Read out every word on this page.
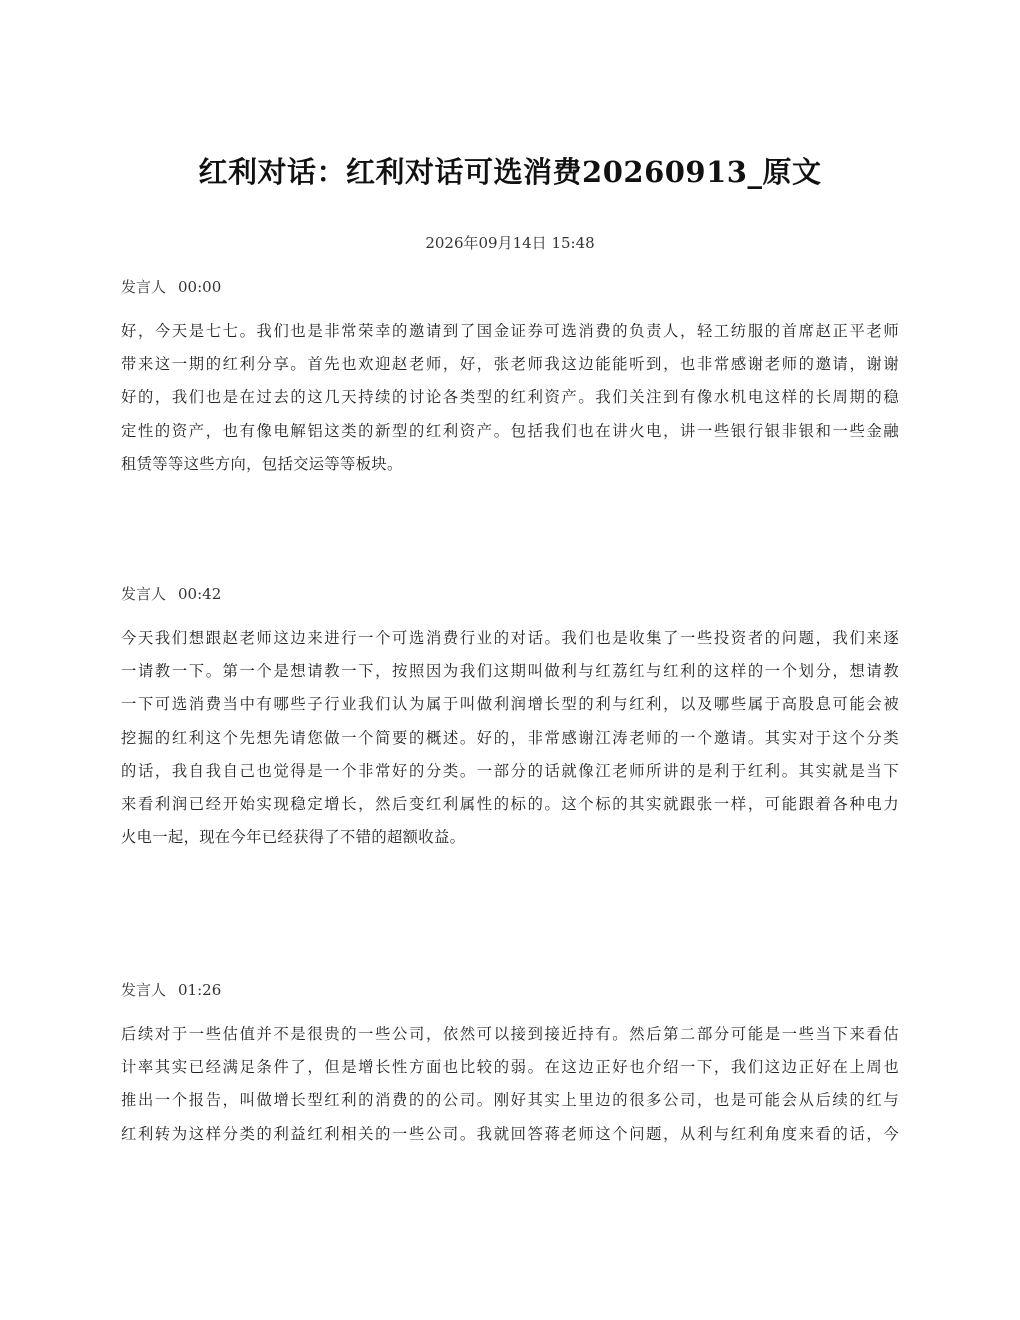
红利对话：红利对话可选消费20260913_原文

2026年09月14日 15:48

发言人 00:00

好，今天是七七。我们也是非常荣幸的邀请到了国金证券可选消费的负责人，轻工纺服的首席赵正平老师
带来这一期的红利分享。首先也欢迎赵老师，好，张老师我这边能能听到，也非常感谢老师的邀请，谢谢
好的，我们也是在过去的这几天持续的讨论各类型的红利资产。我们关注到有像水机电这样的长周期的稳
定性的资产，也有像电解铝这类的新型的红利资产。包括我们也在讲火电，讲一些银行银非银和一些金融
租赁等等这些方向，包括交运等等板块。

发言人 00:42

今天我们想跟赵老师这边来进行一个可选消费行业的对话。我们也是收集了一些投资者的问题，我们来逐
一请教一下。第一个是想请教一下，按照因为我们这期叫做利与红荔红与红利的这样的一个划分，想请教
一下可选消费当中有哪些子行业我们认为属于叫做利润增长型的利与红利，以及哪些属于高股息可能会被
挖掘的红利这个先想先请您做一个简要的概述。好的，非常感谢江涛老师的一个邀请。其实对于这个分类
的话，我自我自己也觉得是一个非常好的分类。一部分的话就像江老师所讲的是利于红利。其实就是当下
来看利润已经开始实现稳定增长，然后变红利属性的标的。这个标的其实就跟张一样，可能跟着各种电力
火电一起，现在今年已经获得了不错的超额收益。

发言人 01:26

后续对于一些估值并不是很贵的一些公司，依然可以接到接近持有。然后第二部分可能是一些当下来看估
计率其实已经满足条件了，但是增长性方面也比较的弱。在这边正好也介绍一下，我们这边正好在上周也
推出一个报告，叫做增长型红利的消费的的公司。刚好其实上里边的很多公司，也是可能会从后续的红与
红利转为这样分类的利益红利相关的一些公司。我就回答蒋老师这个问题，从利与红利角度来看的话，今
